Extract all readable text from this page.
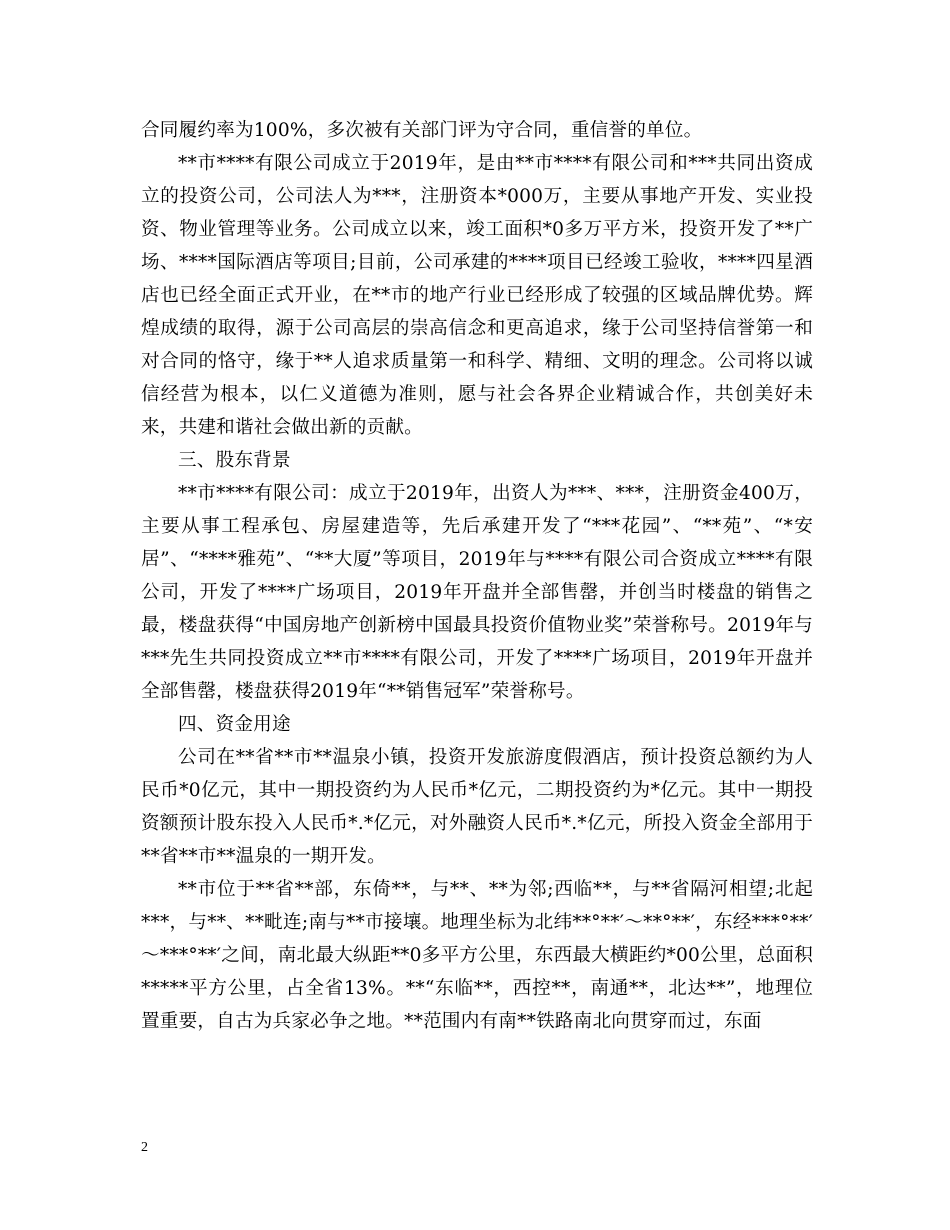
合同履约率为100%，多次被有关部门评为守合同，重信誉的单位。

**市****有限公司成立于2019年，是由**市****有限公司和***共同出资成立的投资公司，公司法人为***，注册资本*000万，主要从事地产开发、实业投资、物业管理等业务。公司成立以来，竣工面积*0多万平方米，投资开发了**广场、****国际酒店等项目;目前，公司承建的****项目已经竣工验收，****四星酒店也已经全面正式开业，在**市的地产行业已经形成了较强的区域品牌优势。辉煌成绩的取得，源于公司高层的崇高信念和更高追求，缘于公司坚持信誉第一和对合同的恪守，缘于**人追求质量第一和科学、精细、文明的理念。公司将以诚信经营为根本，以仁义道德为准则，愿与社会各界企业精诚合作，共创美好未来，共建和谐社会做出新的贡献。

三、股东背景

**市****有限公司：成立于2019年，出资人为***、***，注册资金400万，主要从事工程承包、房屋建造等，先后承建开发了“***花园”、“**苑”、“*安居”、“****雅苑”、“**大厦”等项目，2019年与****有限公司合资成立****有限公司，开发了****广场项目，2019年开盘并全部售罄，并创当时楼盘的销售之最，楼盘获得“中国房地产创新榜中国最具投资价值物业奖”荣誉称号。2019年与***先生共同投资成立**市****有限公司，开发了****广场项目，2019年开盘并全部售罄，楼盘获得2019年“**销售冠军”荣誉称号。

四、资金用途

公司在**省**市**温泉小镇，投资开发旅游度假酒店，预计投资总额约为人民币*0亿元，其中一期投资约为人民币*亿元，二期投资约为*亿元。其中一期投资额预计股东投入人民币*.*亿元，对外融资人民币*.*亿元，所投入资金全部用于**省**市**温泉的一期开发。

**市位于**省**部，东倚**，与**、**为邻;西临**，与**省隔河相望;北起***，与**、**毗连;南与**市接壤。地理坐标为北纬**°**′～**°**′，东经***°**′～***°**′之间，南北最大纵距**0多平方公里，东西最大横距约*00公里，总面积*****平方公里，占全省13%。**“东临**，西控**，南通**，北达**”，地理位置重要，自古为兵家必争之地。**范围内有南**铁路南北向贯穿而过，东面

2
